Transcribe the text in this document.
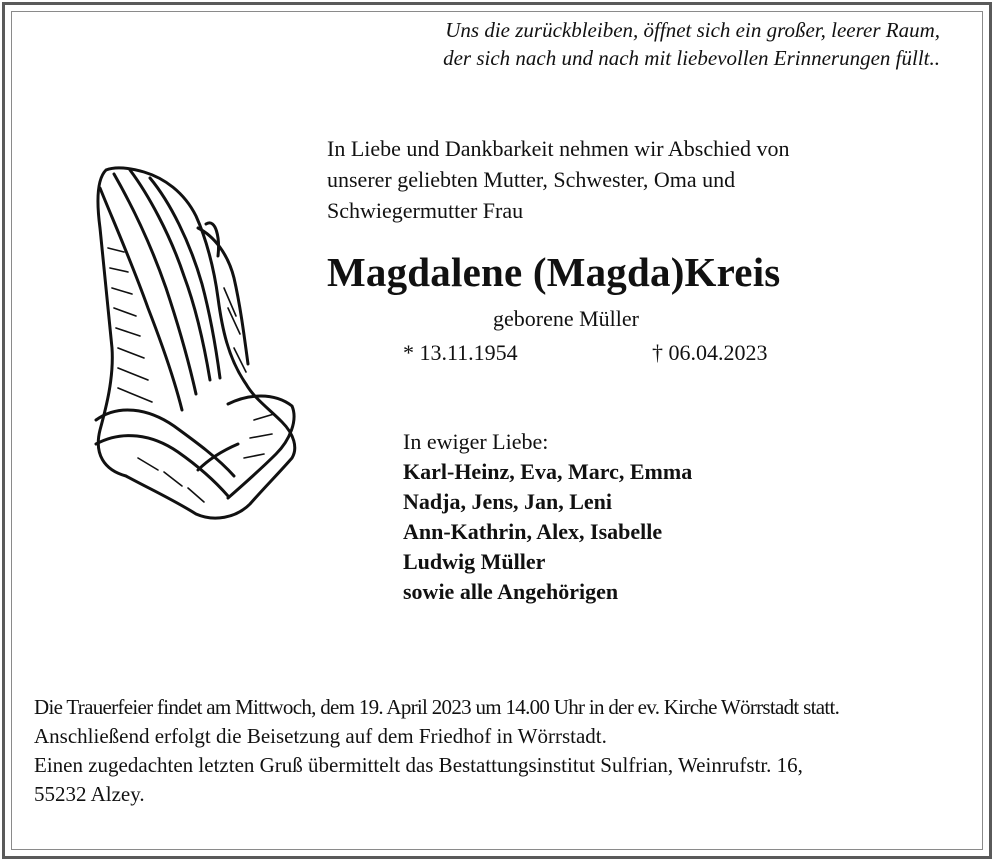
Uns die zurückbleiben, öffnet sich ein großer, leerer Raum,
der sich nach und nach mit liebevollen Erinnerungen füllt..
In Liebe und Dankbarkeit nehmen wir Abschied von
unserer geliebten Mutter, Schwester, Oma und
Schwiegermutter Frau
Magdalene (Magda)Kreis
geborene Müller
* 13.11.1954	† 06.04.2023
In ewiger Liebe:
Karl-Heinz, Eva, Marc, Emma
Nadja, Jens, Jan, Leni
Ann-Kathrin, Alex, Isabelle
Ludwig Müller
sowie alle Angehörigen
Die Trauerfeier findet am Mittwoch, dem 19. April 2023 um 14.00 Uhr in der ev. Kirche Wörrstadt statt.
Anschließend erfolgt die Beisetzung auf dem Friedhof in Wörrstadt.
Einen zugedachten letzten Gruß übermittelt das Bestattungsinstitut Sulfrian, Weinrufstr. 16,
55232 Alzey.
